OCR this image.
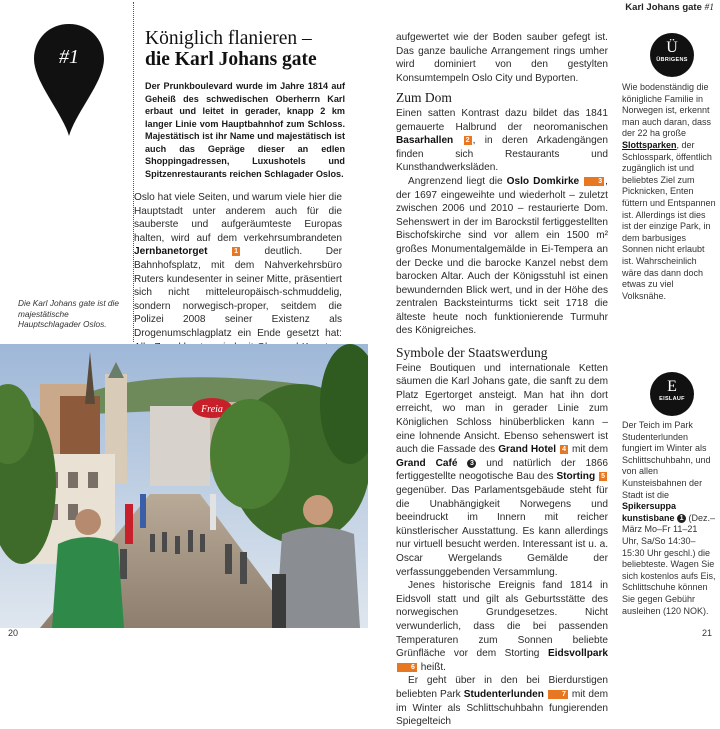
Karl Johans gate #1
#1
Königlich flanieren –
die Karl Johans gate
Der Prunkboulevard wurde im Jahre 1814 auf Geheiß des schwedischen Oberherrn Karl erbaut und leitet in gerader, knapp 2 km langer Linie vom Hauptbahnhof zum Schloss. Majestätisch ist ihr Name und majestätisch ist auch das Gepräge dieser an edlen Shoppingadressen, Luxushotels und Spitzenrestaurants reichen Schlagader Oslos.

Oslo hat viele Seiten, und warum viele hier die Hauptstadt unter anderem auch für die sauberste und aufgeräumteste Europas halten, wird auf dem verkehrsumbrandeten Jernbanetorget	1	deutlich. Der Bahnhofsplatz, mit dem Nahverkehrsbüro Ruters kundesenter in seiner Mitte, präsentiert sich nicht mitteleuropäisch-schmuddelig, sondern norwegisch-proper, seitdem die Polizei 2008 seiner Existenz als Drogenumschlagplatz ein Ende gesetzt hat:

Die Karl Johans gate ist die majestätische Hauptschlagader Oslos.
Freia

aufgewertet wie der Boden sauber gefegt ist. Das ganze bauliche Arrangement rings umher wird dominiert von den gestylten Konsumtempeln Oslo City und Byporten.

Zum Dom

Einen satten Kontrast dazu bildet das 1841 gemauerte Halbrund der neoromanischen Basarhallen 2 , in deren Arkadengängen finden sich Restaurants und Kunsthandwerksläden.

Angrenzend liegt die Oslo Domkirke	3 , der 1697 eingeweihte und wiederholt – zuletzt zwischen 2006 und 2010 – restaurierte Dom. Sehenswert in der im Barockstil fertiggestellten Bischofskirche sind vor allem ein 1500 m² großes Monumentalgemälde in Ei-Tempera an der Decke und die barocke Kanzel nebst dem barocken Altar. Auch der Königsstuhl ist einen bewundernden Blick wert, und in der Höhe des zentralen Backsteinturms tickt seit 1718 die älteste heute noch funktionierende Turmuhr des Königreiches.

Symbole der Staatswerdung

Feine Boutiquen und internationale Ketten säumen die Karl Johans gate, die sanft zu dem Platz Egertorget ansteigt. Man hat ihn dort erreicht, wo man in gerader Linie zum Königlichen Schloss hinüberblicken kann – eine lohnende Ansicht. Ebenso sehenswert ist auch die Fassade des Grand Hotel 4 mit dem Grand Café 3 und natürlich der 1866 fertiggestellte neogotische Bau des Storting 5 gegenüber. Das Parlamentsgebäude steht für die Unabhängigkeit Norwegens und beeindruckt im Innern mit reicher künstlerischer Ausstattung. Es kann allerdings nur virtuell besucht werden. Interessant ist u. a. Oscar Wergelands Gemälde der verfassunggebenden Versammlung.

Jenes historische Ereignis fand 1814 in Eidsvoll statt und gilt als Geburtsstätte des norwegischen Grundgesetzes. Nicht verwunderlich, dass die bei passenden Temperaturen zum Sonnen beliebte Grünfläche vor dem Storting Eidsvollpark 6 heißt.

Er geht über in den bei Bierdurstigen beliebten Park Studenterlunden	7 mit dem im Winter als Schlittschuhbahn fungierenden Spiegelteich

Ü
ÜBRIGENS
Wie bodenständig die königliche Familie in Norwegen ist, erkennt man auch daran, dass der 22 ha große Slottsparken, der Schlosspark, öffentlich zugänglich ist und beliebtes Ziel zum Picknicken, Enten füttern und Entspannen ist. Allerdings ist dies ist der einzige Park, in dem barbusiges Sonnen nicht erlaubt ist. Wahrscheinlich wäre das dann doch etwas zu viel Volksnähe.
E
EISLAUF
Der Teich im Park Studenterlunden fungiert im Winter als Schlittschuhbahn, und von allen Kunsteisbahnen der Stadt ist die Spikersuppa kunstisbane 1 (Dez.–März Mo–Fr 11–21 Uhr, Sa/So 14:30–15:30 Uhr geschl.) die beliebteste. Wagen Sie sich kostenlos aufs Eis, Schlittschuhe können Sie gegen Gebühr ausleihen (120 NOK).
20	21
